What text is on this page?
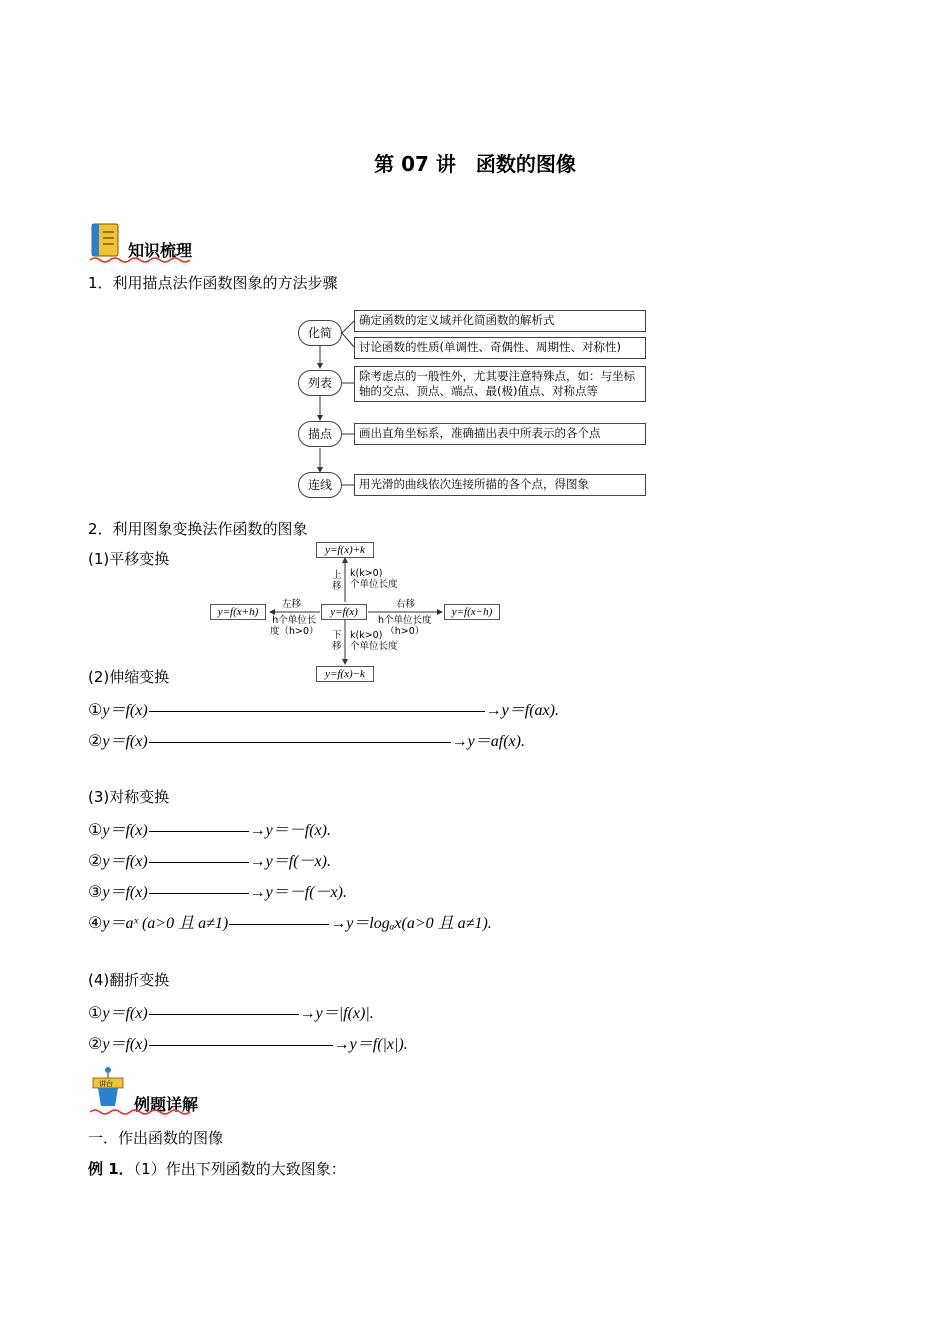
第 07 讲　函数的图像
知识梳理
1．利用描点法作函数图象的方法步骤
化简
列表
描点
连线
确定函数的定义域并化简函数的解析式
讨论函数的性质(单调性、奇偶性、周期性、对称性)
除考虑点的一般性外，尤其要注意特殊点，如：与坐标轴的交点、顶点、端点、最(极)值点、对称点等
画出直角坐标系，准确描出表中所表示的各个点
用光滑的曲线依次连接所描的各个点，得图象
2．利用图象变换法作函数的图象
(1)平移变换	y=f(x)+k
y=f(x)
y=f(x+h)	y=f(x−h)
y=f(x)−k
上
移
k(k>0)
个单位长度
下
移
k(k>0)
个单位长度
左移
h个单位长
度（h>0）
右移
h个单位长度
（h>0）
(2)伸缩变换
①y＝f(x)	→y＝f(ax).
②y＝f(x)	→y＝af(x).
(3)对称变换
①y＝f(x)	→y＝－f(x).
②y＝f(x)	→y＝f(－x).
③y＝f(x)	→y＝－f(－x).
④y＝aˣ (a>0 且 a≠1)	→y＝logₐx(a>0 且 a≠1).
(4)翻折变换
①y＝f(x)	→y＝|f(x)|.
②y＝f(x)	→y＝f(|x|).
讲台
例题详解
一．作出函数的图像
例 1．（1）作出下列函数的大致图象：
